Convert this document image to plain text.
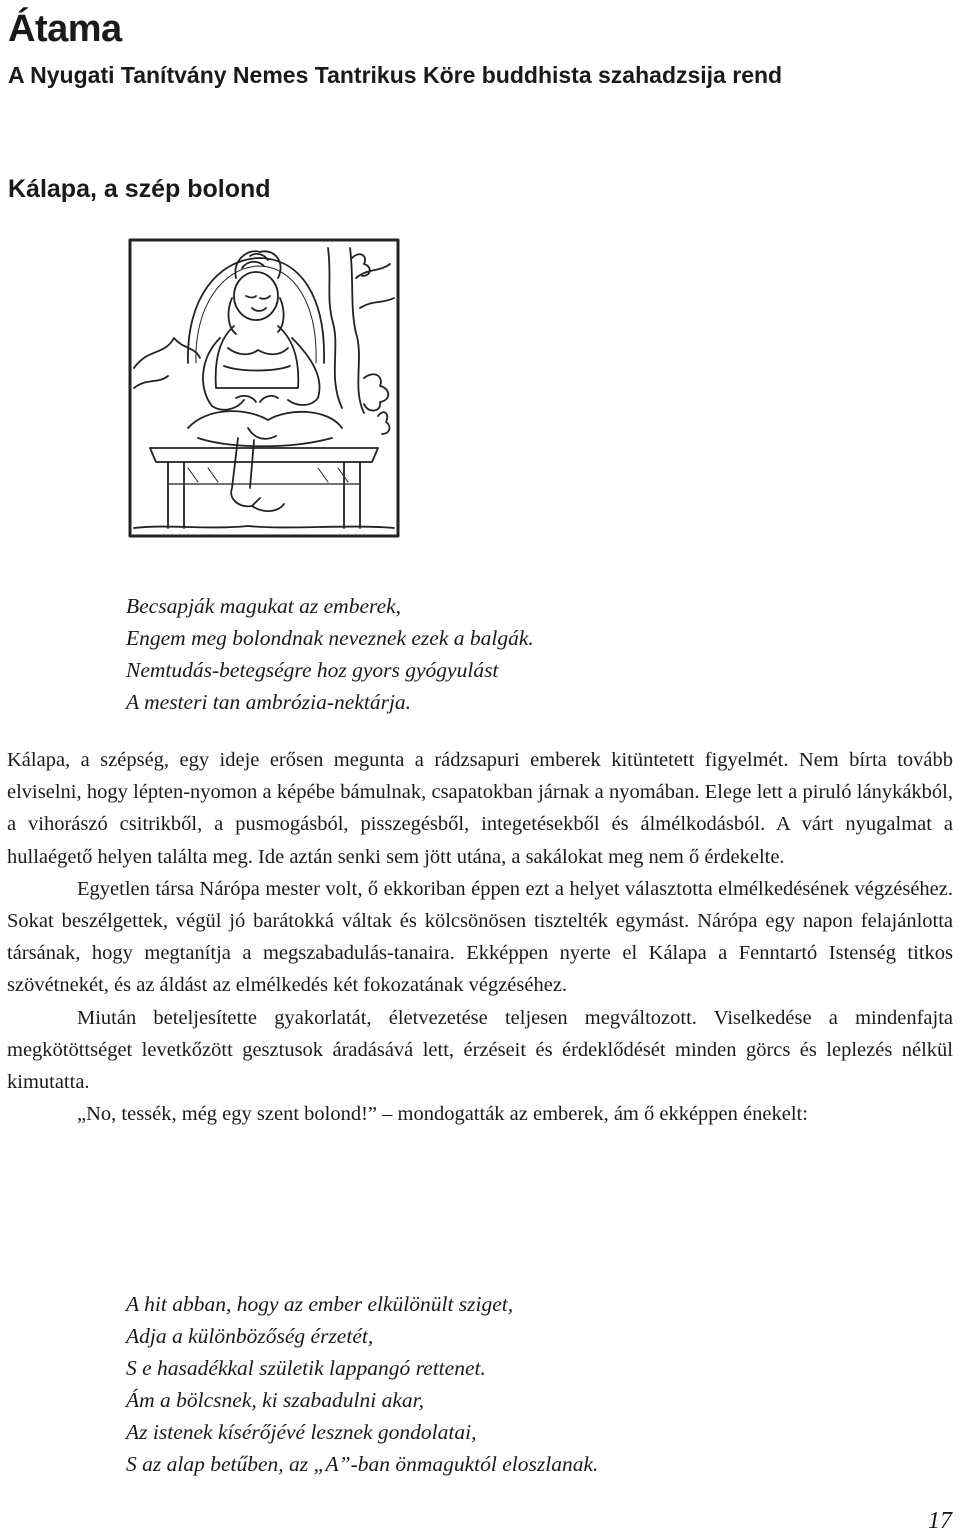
Átama
A Nyugati Tanítvány Nemes Tantrikus Köre buddhista szahadzsija rend
Kálapa, a szép bolond
Becsapják magukat az emberek,
Engem meg bolondnak neveznek ezek a balgák.
Nemtudás-betegségre hoz gyors gyógyulást
A mesteri tan ambrózia-nektárja.

Kálapa, a szépség, egy ideje erősen megunta a rádzsapuri emberek kitüntetett figyelmét. Nem bírta tovább elviselni, hogy lépten-nyomon a képébe bámulnak, csapatokban járnak a nyomában. Elege lett a piruló lánykákból, a vihorászó csitrikből, a pusmogásból, pisszegésből, integetésekből és álmélkodásból. A várt nyugalmat a hullaégető helyen találta meg. Ide aztán senki sem jött utána, a sakálokat meg nem ő érdekelte.

Egyetlen társa Nárópa mester volt, ő ekkoriban éppen ezt a helyet választotta elmélkedésének végzéséhez. Sokat beszélgettek, végül jó barátokká váltak és kölcsönösen tisztelték egymást. Nárópa egy napon felajánlotta társának, hogy megtanítja a megszabadulás-tanaira. Ekképpen nyerte el Kálapa a Fenntartó Istenség titkos szövétnekét, és az áldást az elmélkedés két fokozatának végzéséhez.

Miután beteljesítette gyakorlatát, életvezetése teljesen megváltozott. Viselkedése a mindenfajta megkötöttséget levetkőzött gesztusok áradásává lett, érzéseit és érdeklődését minden görcs és leplezés nélkül kimutatta.

„No, tessék, még egy szent bolond!” – mondogatták az emberek, ám ő ekképpen énekelt:

A hit abban, hogy az ember elkülönült sziget,
Adja a különbözőség érzetét,
S e hasadékkal születik lappangó rettenet.
Ám a bölcsnek, ki szabadulni akar,
Az istenek kísérőjévé lesznek gondolatai,
S az alap betűben, az „A”-ban önmaguktól eloszlanak.
17
